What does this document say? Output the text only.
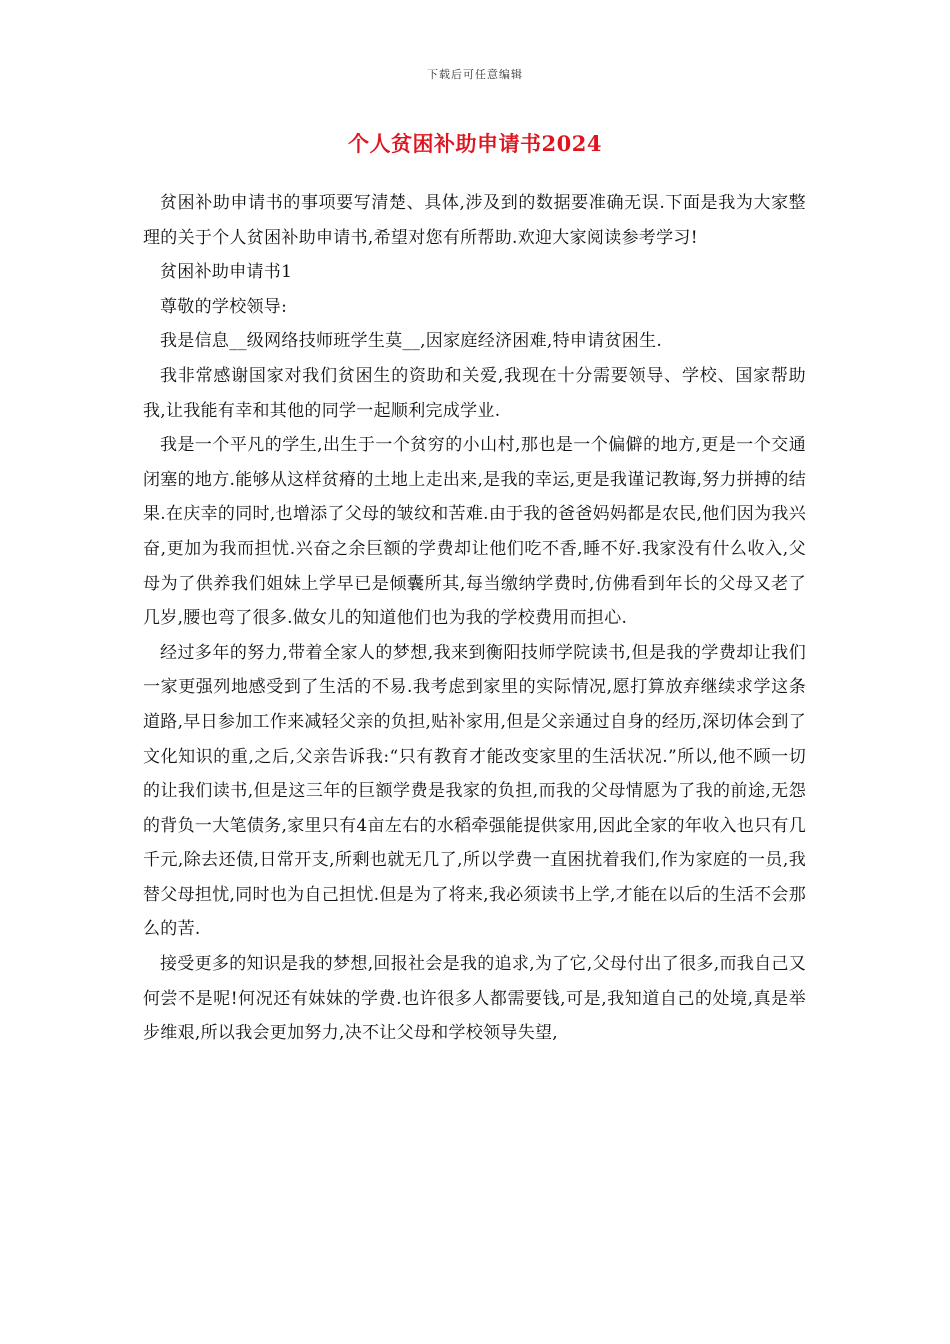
下载后可任意编辑
个人贫困补助申请书2024

贫困补助申请书的事项要写清楚、具体,涉及到的数据要准确无误.下面是我为大家整理的关于个人贫困补助申请书,希望对您有所帮助.欢迎大家阅读参考学习!

贫困补助申请书1

尊敬的学校领导:

我是信息__级网络技师班学生莫__,因家庭经济困难,特申请贫困生.

我非常感谢国家对我们贫困生的资助和关爱,我现在十分需要领导、学校、国家帮助我,让我能有幸和其他的同学一起顺利完成学业.

我是一个平凡的学生,出生于一个贫穷的小山村,那也是一个偏僻的地方,更是一个交通闭塞的地方.能够从这样贫瘠的土地上走出来,是我的幸运,更是我谨记教诲,努力拼搏的结果.在庆幸的同时,也增添了父母的皱纹和苦难.由于我的爸爸妈妈都是农民,他们因为我兴奋,更加为我而担忧.兴奋之余巨额的学费却让他们吃不香,睡不好.我家没有什么收入,父母为了供养我们姐妹上学早已是倾囊所其,每当缴纳学费时,仿佛看到年长的父母又老了几岁,腰也弯了很多.做女儿的知道他们也为我的学校费用而担心.

经过多年的努力,带着全家人的梦想,我来到衡阳技师学院读书,但是我的学费却让我们一家更强列地感受到了生活的不易.我考虑到家里的实际情况,愿打算放弃继续求学这条道路,早日参加工作来减轻父亲的负担,贴补家用,但是父亲通过自身的经历,深切体会到了文化知识的重,之后,父亲告诉我:“只有教育才能改变家里的生活状况.”所以,他不顾一切的让我们读书,但是这三年的巨额学费是我家的负担,而我的父母情愿为了我的前途,无怨的背负一大笔债务,家里只有4亩左右的水稻牵强能提供家用,因此全家的年收入也只有几千元,除去还债,日常开支,所剩也就无几了,所以学费一直困扰着我们,作为家庭的一员,我替父母担忧,同时也为自己担忧.但是为了将来,我必须读书上学,才能在以后的生活不会那么的苦.

接受更多的知识是我的梦想,回报社会是我的追求,为了它,父母付出了很多,而我自己又何尝不是呢!何况还有妹妹的学费.也许很多人都需要钱,可是,我知道自己的处境,真是举步维艰,所以我会更加努力,决不让父母和学校领导失望,
